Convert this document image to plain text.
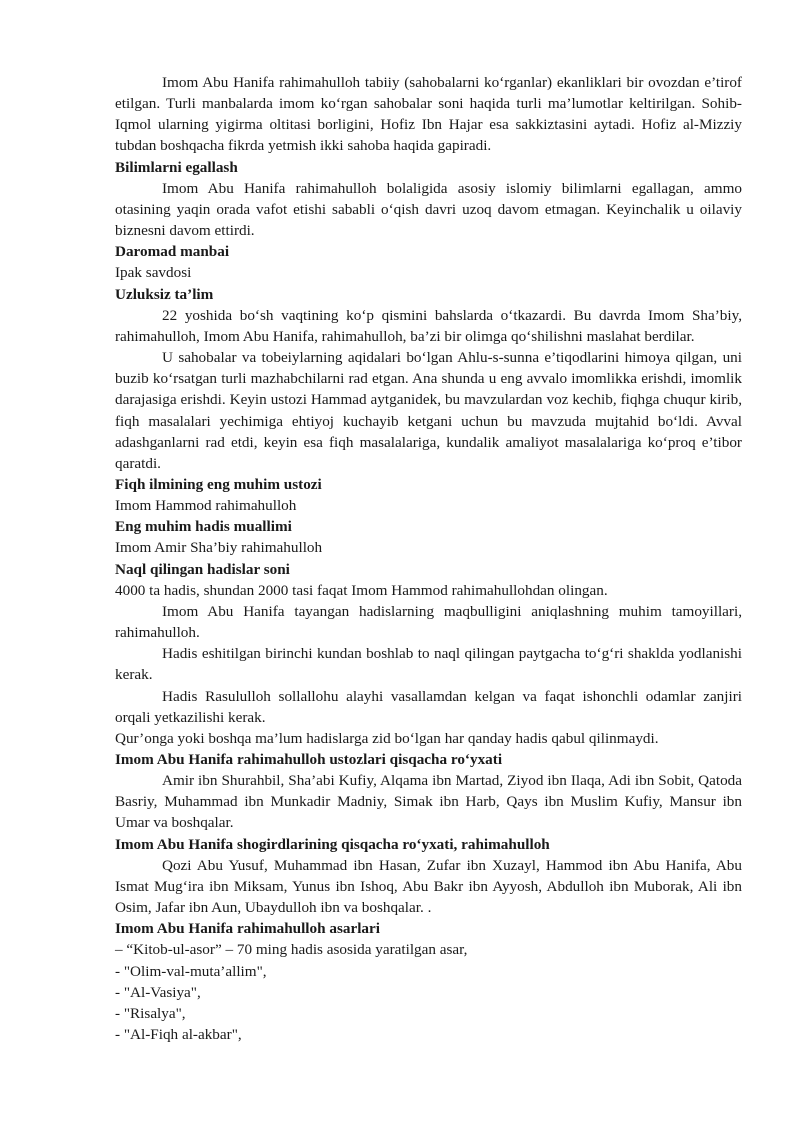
Imom Abu Hanifa rahimahulloh tabiiy (sahobalarni ko‘rganlar) ekanliklari bir ovozdan e’tirof etilgan. Turli manbalarda imom ko‘rgan sahobalar soni haqida turli ma’lumotlar keltirilgan. Sohib-Iqmol ularning yigirma oltitasi borligini, Hofiz Ibn Hajar esa sakkiztasini aytadi. Hofiz al-Mizziy tubdan boshqacha fikrda yetmish ikki sahoba haqida gapiradi.

Bilimlarni egallash

Imom Abu Hanifa rahimahulloh bolaligida asosiy islomiy bilimlarni egallagan, ammo otasining yaqin orada vafot etishi sababli o‘qish davri uzoq davom etmagan. Keyinchalik u oilaviy biznesni davom ettirdi.

Daromad manbai

Ipak savdosi

Uzluksiz ta’lim

22 yoshida bo‘sh vaqtining ko‘p qismini bahslarda o‘tkazardi. Bu davrda Imom Sha’biy, rahimahulloh, Imom Abu Hanifa, rahimahulloh, ba’zi bir olimga qo‘shilishni maslahat berdilar.

U sahobalar va tobeiylarning aqidalari bo‘lgan Ahlu-s-sunna e’tiqodlarini himoya qilgan, uni buzib ko‘rsatgan turli mazhabchilarni rad etgan. Ana shunda u eng avvalo imomlikka erishdi, imomlik darajasiga erishdi. Keyin ustozi Hammad aytganidek, bu mavzulardan voz kechib, fiqhga chuqur kirib, fiqh masalalari yechimiga ehtiyoj kuchayib ketgani uchun bu mavzuda mujtahid bo‘ldi. Avval adashganlarni rad etdi, keyin esa fiqh masalalariga, kundalik amaliyot masalalariga ko‘proq e’tibor qaratdi.

Fiqh ilmining eng muhim ustozi

Imom Hammod rahimahulloh

Eng muhim hadis muallimi

Imom Amir Sha’biy rahimahulloh

Naql qilingan hadislar soni

4000 ta hadis, shundan 2000 tasi faqat Imom Hammod rahimahullohdan olingan.

Imom Abu Hanifa tayangan hadislarning maqbulligini aniqlashning muhim tamoyillari, rahimahulloh.

Hadis eshitilgan birinchi kundan boshlab to naql qilingan paytgacha to‘g‘ri shaklda yodlanishi kerak.

Hadis Rasululloh sollallohu alayhi vasallamdan kelgan va faqat ishonchli odamlar zanjiri orqali yetkazilishi kerak.

Qur’onga yoki boshqa ma’lum hadislarga zid bo‘lgan har qanday hadis qabul qilinmaydi.

Imom Abu Hanifa rahimahulloh ustozlari qisqacha ro‘yxati

Amir ibn Shurahbil, Sha’abi Kufiy, Alqama ibn Martad, Ziyod ibn Ilaqa, Adi ibn Sobit, Qatoda Basriy, Muhammad ibn Munkadir Madniy, Simak ibn Harb, Qays ibn Muslim Kufiy, Mansur ibn Umar va boshqalar.

Imom Abu Hanifa shogirdlarining qisqacha ro‘yxati, rahimahulloh

Qozi Abu Yusuf, Muhammad ibn Hasan, Zufar ibn Xuzayl, Hammod ibn Abu Hanifa, Abu Ismat Mug‘ira ibn Miksam, Yunus ibn Ishoq, Abu Bakr ibn Ayyosh, Abdulloh ibn Muborak, Ali ibn Osim, Jafar ibn Aun, Ubaydulloh ibn va boshqalar. .

Imom Abu Hanifa rahimahulloh asarlari

– “Kitob-ul-asor” – 70 ming hadis asosida yaratilgan asar,

- "Olim-val-muta’allim",

- "Al-Vasiya",

- "Risalya",

- "Al-Fiqh al-akbar",
